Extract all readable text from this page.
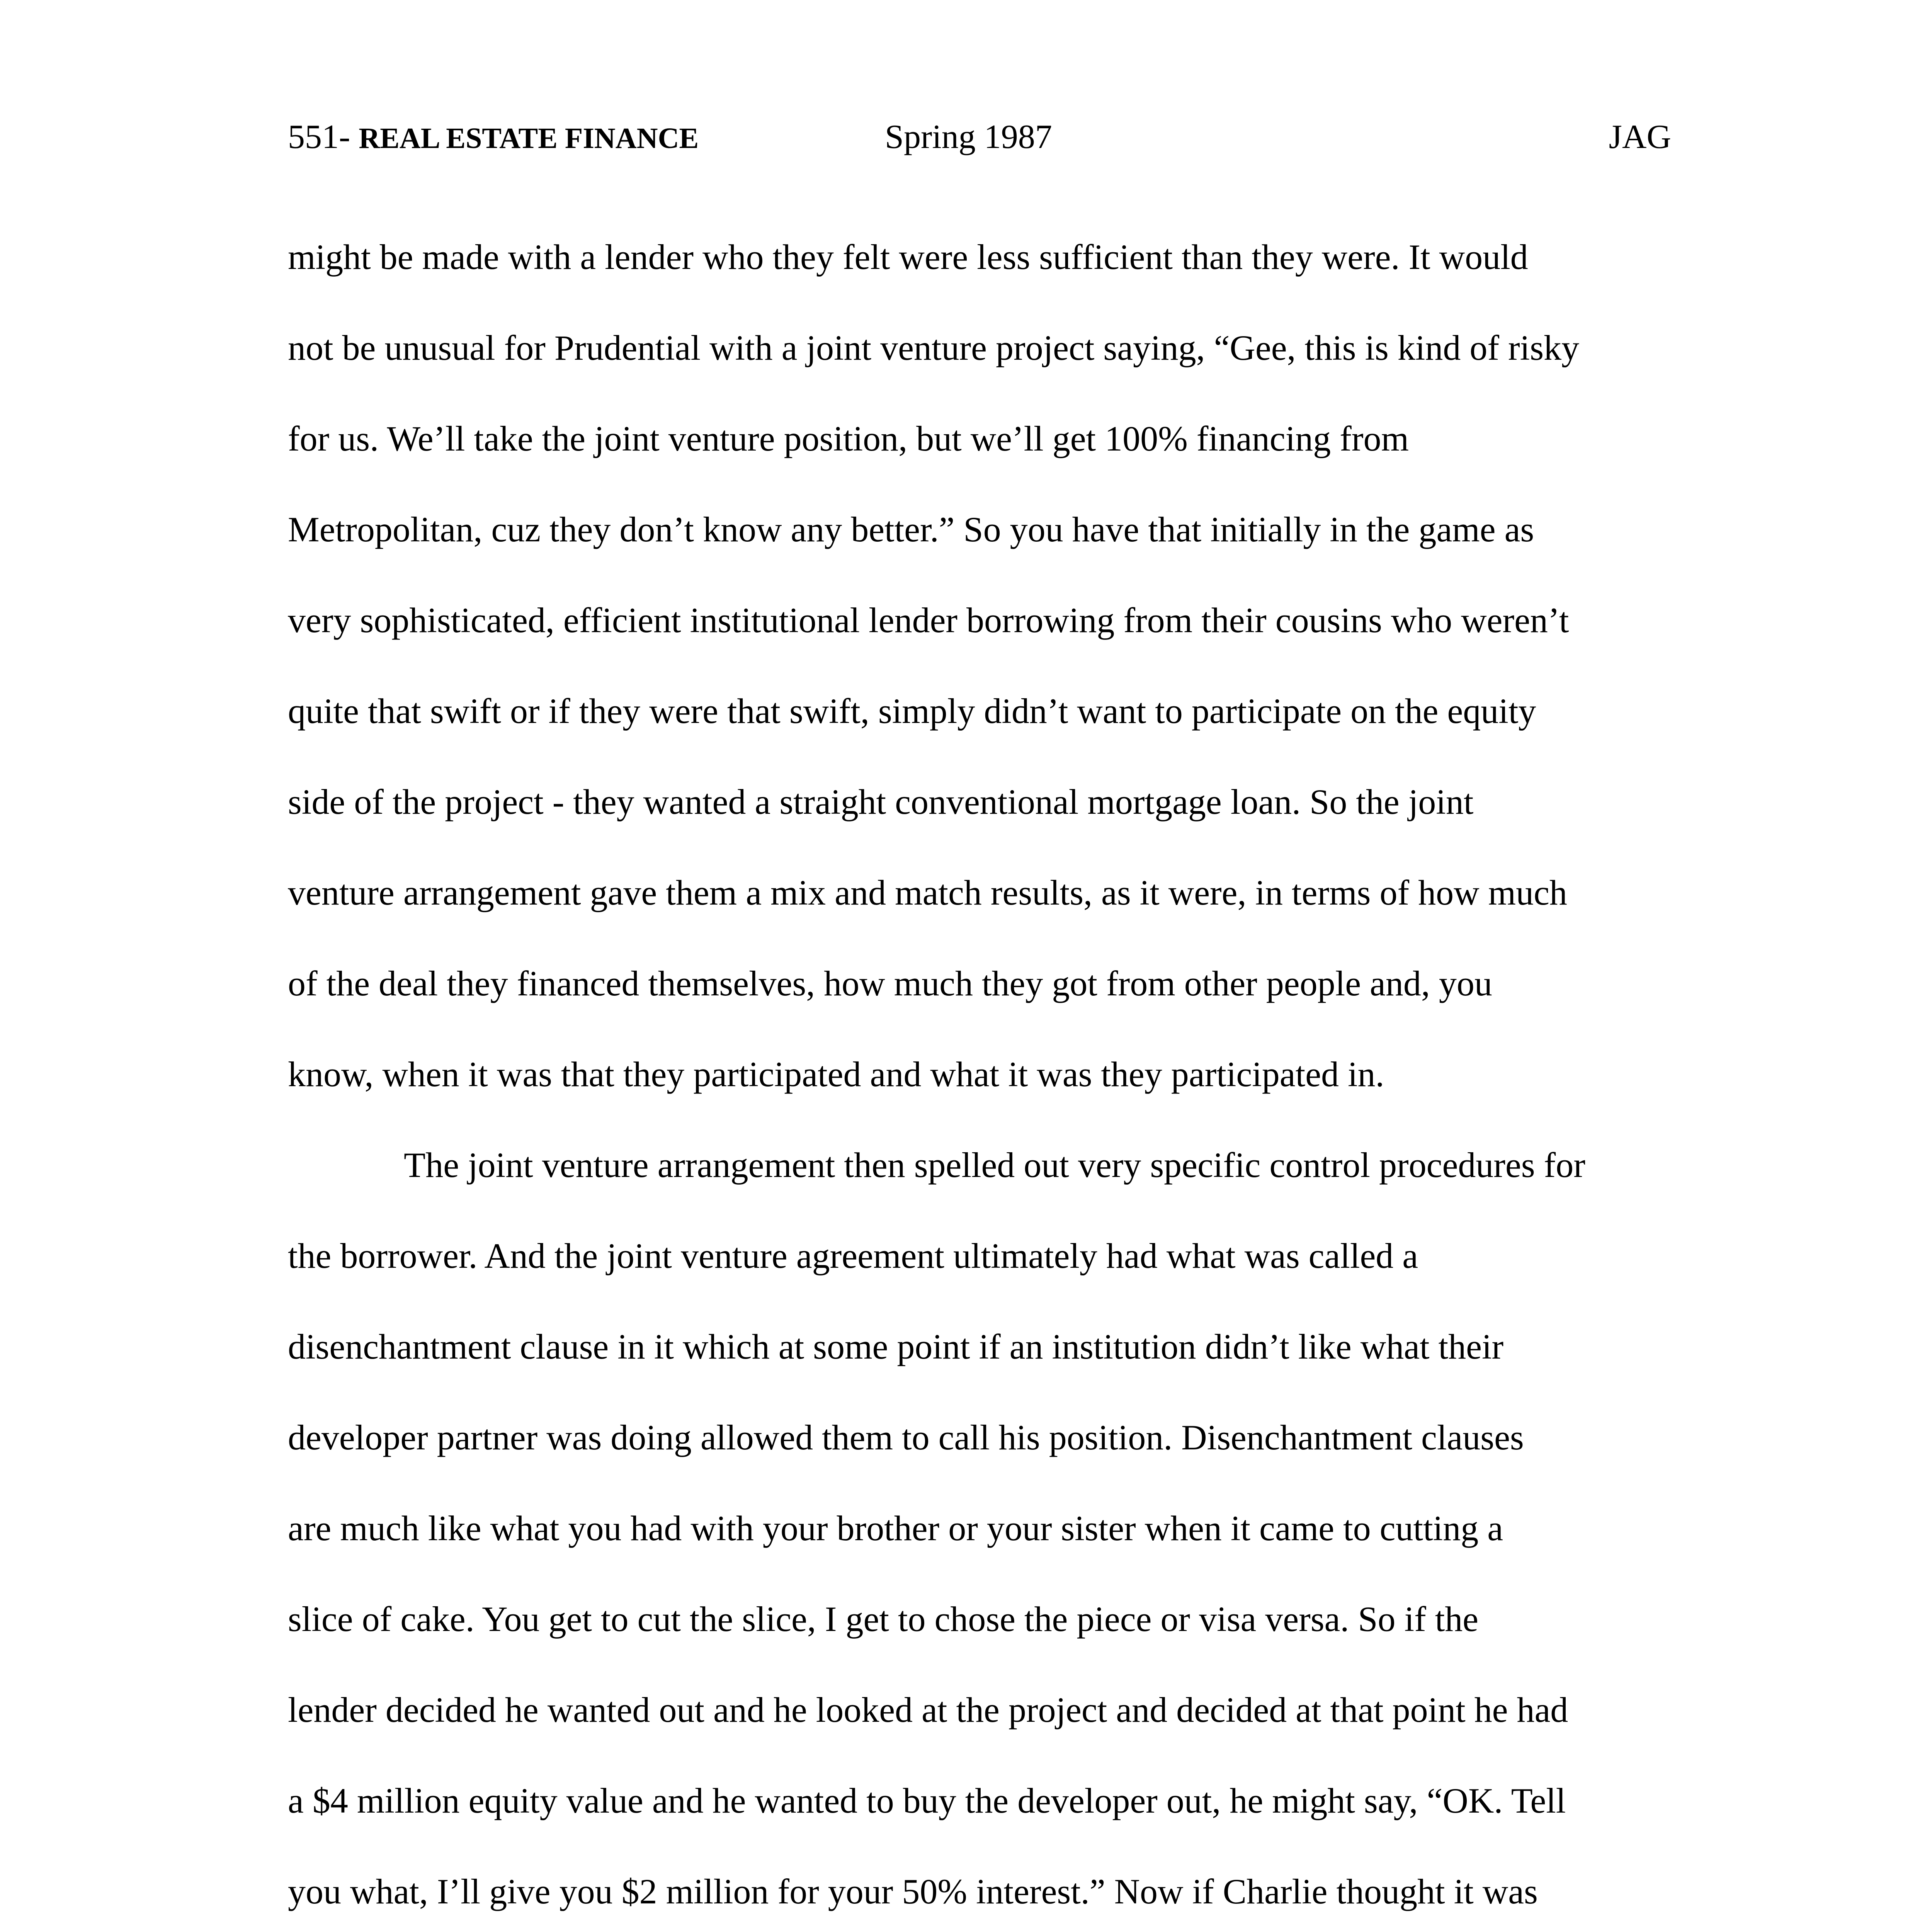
551- REAL ESTATE FINANCE	Spring 1987	JAG
might be made with a lender who they felt were less sufficient than they were. It would
not be unusual for Prudential with a joint venture project saying, “Gee, this is kind of risky
for us. We’ll take the joint venture position, but we’ll get 100% financing from
Metropolitan, cuz they don’t know any better.” So you have that initially in the game as
very sophisticated, efficient institutional lender borrowing from their cousins who weren’t
quite that swift or if they were that swift, simply didn’t want to participate on the equity
side of the project - they wanted a straight conventional mortgage loan. So the joint
venture arrangement gave them a mix and match results, as it were, in terms of how much
of the deal they financed themselves, how much they got from other people and, you
know, when it was that they participated and what it was they participated in.
The joint venture arrangement then spelled out very specific control procedures for
the borrower. And the joint venture agreement ultimately had what was called a
disenchantment clause in it which at some point if an institution didn’t like what their
developer partner was doing allowed them to call his position. Disenchantment clauses
are much like what you had with your brother or your sister when it came to cutting a
slice of cake. You get to cut the slice, I get to chose the piece or visa versa. So if the
lender decided he wanted out and he looked at the project and decided at that point he had
a $4 million equity value and he wanted to buy the developer out, he might say, “OK. Tell
you what, I’ll give you $2 million for your 50% interest.” Now if Charlie thought it was
